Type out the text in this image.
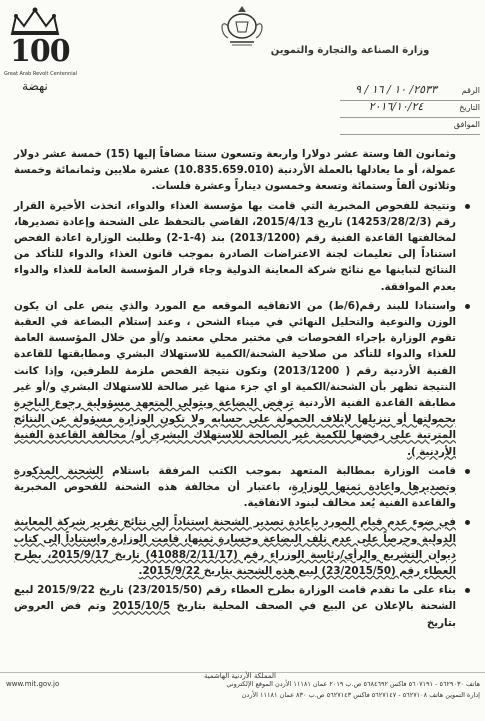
100
Great Arab Revolt Centennial
نهضة
وزارة الصناعة والتجارة والتموين
الرقم
٢٥٣٣/ ١٠ / ١٦ / ٩
التاريخ
٢٠١٦/١٠/٢٤
الموافق
وثمانون الفا وستة عشر دولارا واربعة وتسعون سنتا مضافاً إليها (15) خمسة عشر دولار عمولة، أو ما يعادلها بالعملة الأردنية (10.835.659.010) عشرة ملايين وثمانمائة وخمسة وثلاثون ألفاً وستمائة وتسعة وخمسون ديناراً وعشرة فلسات.
ونتيجة للفحوص المخبرية التي قامت بها مؤسسة الغذاء والدواء، اتخذت الأخيرة القرار رقم (14253/28/2/3) تاريخ 2015/4/13، القاضي بالتحفظ على الشحنة وإعادة تصديرها، لمخالفتها القاعدة الفنية رقم (2013/1200) بند (4-1-2) وطلبت الوزارة اعادة الفحص استناداً إلى تعليمات لجنة الاعتراضات الصادرة بموجب قانون الغذاء والدواء للتأكد من النتائج لتباينها مع نتائج شركة المعاينة الدولية وجاء قرار المؤسسة العامة للغذاء والدواء بعدم الموافقة.
واستنادا للبند رقم(6/ط) من الاتفاقيه الموقعه مع المورد والذي ينص على ان يكون الوزن والنوعية والتحليل النهائي في ميناء الشحن ، وعند إستلام البضاعة في العقبة تقوم الوزارة بإجراء الفحوصات في مختبر محلي معتمد و/أو من خلال المؤسسة العامة للغذاء والدواء للتأكد من صلاحية الشحنة/الكمية للاستهلاك البشري ومطابقتها للقاعدة الفنية الأردنية رقم ( 2013/1200) وتكون نتيجة الفحص ملزمة للطرفين، وإذا كانت النتيجة تظهر بأن الشحنة/الكمية او اي جزء منها غير صالحة للاستهلاك البشري و/أو غير مطابقة القاعدة الفنية الأردنية ترفض البضاعة ويتولى المتعهد مسؤولية رجوع الباخرة بحمولتها أو تنزيلها لإتلاف الحمولة على حسابه ولا تكون الوزارة مسؤولة عن النتائج المترتبة على رفضها للكمية غير الصالحة للاستهلاك البشري أو/ مخالفة القاعدة الفنية الأردنية ).
قامت الوزارة بمطالبة المتعهد بموجب الكتب المرفقة باستلام الشحنة المذكورة وتصديرها واعادة ثمنها للوزارة، باعتبار أن مخالفة هذه الشحنة للفحوص المخبرية والقاعدة الفنية يُعد مخالف لبنود الاتفاقية.
في ضوء عدم قيام المورد بإعادة تصدير الشحنة استناداً إلى نتائج تقرير شركة المعاينة الدولية وحرصاً على عدم تلف البضاعة وخسارة ثمنها، قامت الوزارة واستناداً إلى كتاب ديوان التشريع والرأي/رئاسة الوزراء رقم (41088/2/11/17) تاريخ 2015/9/17، بطرح العطاء رقم (23/2015/50) لبيع هذه الشحنة بتاريخ 2015/9/22.
بناء على ما تقدم قامت الوزارة بطرح العطاء رقم (23/2015/50) تاريخ 2015/9/22 لبيع الشحنة بالإعلان عن البيع في الصحف المحلية بتاريخ 2015/10/5 وتم فض العروض بتاريخ
المملكة الأردنية الهاشمية
www.mit.gov.jo	هاتف ٥٦٢٩٠٣٠ - ٥٦٠٧١٩١ فاكس ٥٦٨٤٦٩٢ ص.ب ٢٠١٩ عمان ١١١٨١ الأردن الموقع الإلكتروني
إدارة التموين هاتف ٥٦٢٧١٠٨ - ٥٦٢٧١٤٧ فاكس ٥٦٢٧١٤٣ ص.ب ٨٣٠ عمان ١١١٨١ الأردن
